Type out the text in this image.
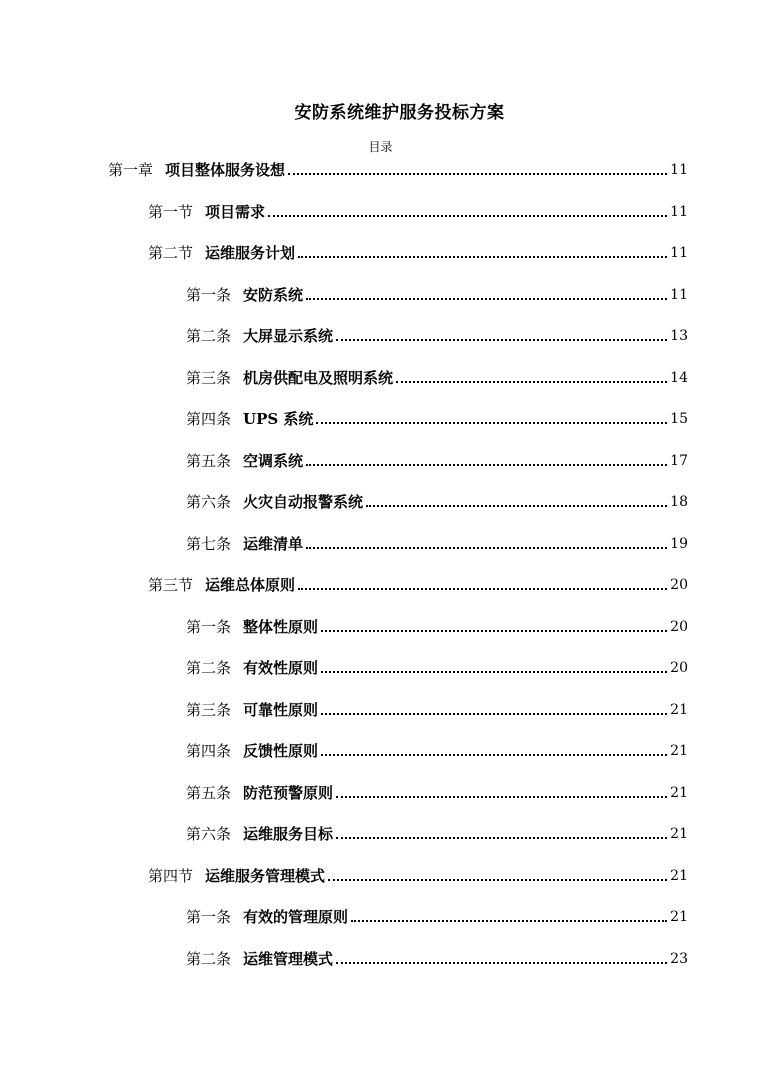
安防系统维护服务投标方案
目录
第一章 项目整体服务设想	11
第一节 项目需求	11
第二节 运维服务计划	11
第一条 安防系统	11
第二条 大屏显示系统	13
第三条 机房供配电及照明系统	14
第四条 UPS 系统	15
第五条 空调系统	17
第六条 火灾自动报警系统	18
第七条 运维清单	19
第三节 运维总体原则	20
第一条 整体性原则	20
第二条 有效性原则	20
第三条 可靠性原则	21
第四条 反馈性原则	21
第五条 防范预警原则	21
第六条 运维服务目标	21
第四节 运维服务管理模式	21
第一条 有效的管理原则	21
第二条 运维管理模式	23
